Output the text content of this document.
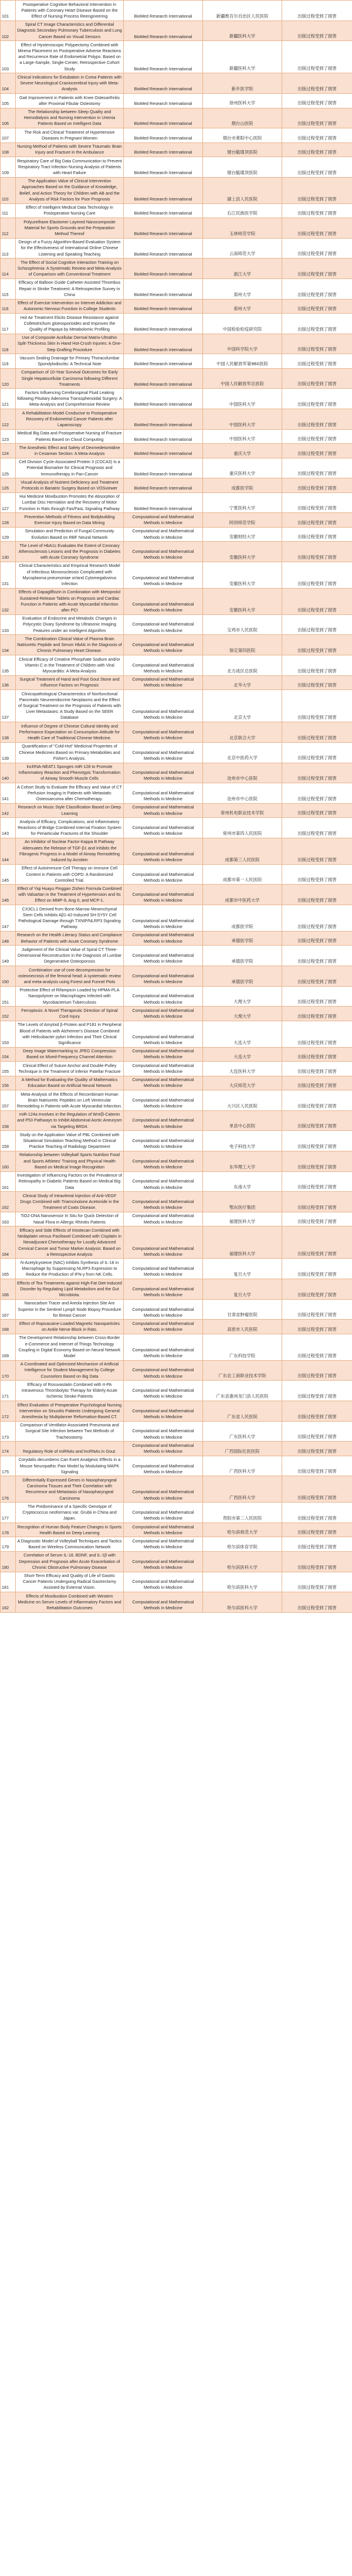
101	Postoperative Cognitive Behavioral Intervention in Patients with Coronary Heart Disease Based on the Effect of Nursing Process Reengineering	BioMed Research International	新疆维吾尔自治区人民医院	出版过程受到了损害
102	Spiral CT Image Characteristics and Differential Diagnosis Secondary Pulmonary Tuberculosis and Lung Cancer Based on Visual Sensors	BioMed Research International	新疆医科大学	出版过程受到了损害
103	Effect of Hysteroscopic Polypectomy Combined with Mirena Placement on Postoperative Adverse Reactions and Recurrence Rate of Endometrial Polyps: Based on a Large-Sample, Single-Center, Retrospective Cohort Study	BioMed Research International	新疆医科大学	出版过程受到了损害
104	Clinical Indications for Extubation in Coma Patients with Severe Neurological Craniocerebral Injury with Meta-Analysis	BioMed Research International	新乡医学院	出版过程受到了损害
105	Gait Improvement in Patients with Knee Osteoarthritis after Proximal Fibular Osteotomy	BioMed Research International	徐州医科大学	出版过程受到了损害
106	The Relationship between Sleep Quality and Hemodialysis and Nursing Intervention in Uremia Patients Based on Intelligent Data	BioMed Research International	烟台山医院	出版过程受到了损害
107	The Risk and Clinical Treatment of Hypertensive Diseases in Pregnant Women	BioMed Research International	烟台市莱阳中心医院	出版过程受到了损害
108	Nursing Method of Patients with Severe Traumatic Brain Injury and Fracture in the Ambulance	BioMed Research International	烟台毓璜顶医院	出版过程受到了损害
109	Respiratory Care of Big Data Communication to Prevent Respiratory Tract Infection Nursing Analysis of Patients with Heart Failure	BioMed Research International	烟台毓璜顶医院	出版过程受到了损害
110	The Application Value of Clinical Intervention Approaches Based on the Guidance of Knowledge, Belief, and Action Theory for Children with AB and the Analysis of Risk Factors for Poor Prognosis	BioMed Research International	颍上县人民医院	出版过程受到了损害
111	Effect of Intelligent Medical Data Technology in Postoperative Nursing Care	BioMed Research International	右江民族医学院	出版过程受到了损害
112	Polyurethane Elastomer Layered Nanocomposite Material for Sports Grounds and the Preparation Method Thereof	BioMed Research International	玉林师范学院	出版过程受到了损害
113	Design of a Fuzzy Algorithm-Based Evaluation System for the Effectiveness of International Online Chinese Listening and Speaking Teaching	BioMed Research International	云南师范大学	出版过程受到了损害
114	The Effect of Social Cognitive Interaction Training on Schizophrenia: A Systematic Review and Meta-Analysis of Comparison with Conventional Treatment	BioMed Research International	浙江大学	出版过程受到了损害
115	Efficacy of Balloon Guide Catheter-Assisted Thrombus Repair in Stroke Treatment: A Retrospective Survey in China	BioMed Research International	郑州大学	出版过程受到了损害
116	Effect of Exercise Intervention on Internet Addiction and Autonomic Nervous Function in College Students	BioMed Research International	郑州大学	出版过程受到了损害
117	Hot Air Treatment Elicits Disease Resistance against Colletotrichum gloeosporioides and Improves the Quality of Papaya by Metabolomic Profiling	BioMed Research International	中国检验检疫研究院	出版过程受到了损害
118	Use of Composite Acellular Dermal Matrix-Ultrathin Split-Thickness Skin in Hand Hot-Crush Injuries: A One-Step Grafting Procedure	BioMed Research International	中国科学院大学	出版过程受到了损害
119	Vacuum Sealing Drainage for Primary Thoracolumbar Spondylodiscitis: A Technical Note	BioMed Research International	中国人民解放军第960医院	出版过程受到了损害
120	Comparison of 10-Year Survival Outcomes for Early Single Hepatocellular Carcinoma following Different Treatments	BioMed Research International	中国人民解放军总医院	出版过程受到了损害
121	Factors Influencing Cerebrospinal Fluid Leaking following Pituitary Adenoma Transsphenoidal Surgery: A Meta-Analysis and Comprehensive Review	BioMed Research International	中国医科大学	出版过程受到了损害
122	A Rehabilitation Model Conducive to Postoperative Recovery of Endometrial Cancer Patients after Laparoscopy	BioMed Research International	中国医科大学	出版过程受到了损害
123	Medical Big Data and Postoperative Nursing of Fracture Patients Based on Cloud Computing	BioMed Research International	中国医科大学	出版过程受到了损害
124	The Anesthetic Effect and Safety of Dexmedetomidine in Cesarean Section: A Meta-Analysis	BioMed Research International	重庆大学	出版过程受到了损害
125	Cell Division Cycle-Associated Protein 3 (CDCA3) Is a Potential Biomarker for Clinical Prognosis and Immunotherapy in Pan-Cancer	BioMed Research International	重庆医科大学	出版过程受到了损害
126	Visual Analysis of Nutrient Deficiency and Treatment Protocols in Bariatric Surgery Based on VOSviewer	BioMed Research International	成都医学院	出版过程受到了损害
127	Hui Medicine Moxibustion Promotes the Absorption of Lumbar Disc Herniation and the Recovery of Motor Function in Rats through Fas/FasL Signaling Pathway	BioMed Research International	宁夏医科大学	出版过程受到了损害
128	Prevention Methods of Fitness and Bodybuilding Exercise Injury Based on Data Mining	Computational and Mathematical Methods in Medicine	阿坝师范学院	出版过程受到了损害
129	Simulation and Prediction of Fungal Community Evolution Based on RBF Neural Network	Computational and Mathematical Methods in Medicine	安徽财经大学	出版过程受到了损害
130	The Level of HbA1c Evaluates the Extent of Coronary Atherosclerosis Lesions and the Prognosis in Diabetes with Acute Coronary Syndrome	Computational and Mathematical Methods in Medicine	安徽医科大学	出版过程受到了损害
131	Clinical Characteristics and Empirical Research Model of Infectious Mononucleosis Complicated with Mycoplasma pneumoniae or/and Cytomegalovirus Infection	Computational and Mathematical Methods in Medicine	安徽医科大学	出版过程受到了损害
132	Effects of Dapagliflozin in Combination with Metoprolol Sustained-Release Tablets on Prognosis and Cardiac Function in Patients with Acute Myocardial Infarction after PCI	Computational and Mathematical Methods in Medicine	安徽医科大学	出版过程受到了损害
133	Evaluation of Endocrine and Metabolic Changes in Polycystic Ovary Syndrome by Ultrasonic Imaging Features under an Intelligent Algorithm	Computational and Mathematical Methods in Medicine	宝鸡市人民医院	出版过程受到了损害
134	The Combination Clinical Value of Plasma Brain Natriuretic Peptide and Serum HbAlc in the Diagnosis of Chronic Pulmonary Heart Disease.	Computational and Mathematical Methods in Medicine	保定第四医院	出版过程受到了损害
135	Clinical Efficacy of Creatine Phosphate Sodium and/or Vitamin C in the Treatment of Children with Viral Myocarditis: A Meta-Analysis	Computational and Mathematical Methods in Medicine	北方战区总医院	出版过程受到了损害
136	Surgical Treatment of Hand and Foot Gout Stone and Influence Factors on Prognosis	Computational and Mathematical Methods in Medicine	北华大学	出版过程受到了损害
137	Clinicopathological Characteristics of Nonfunctional Pancreatic Neuroendocrine Neoplasms and the Effect of Surgical Treatment on the Prognosis of Patients with Liver Metastases: A Study Based on the SEER Database	Computational and Mathematical Methods in Medicine	北京大学	出版过程受到了损害
138	Influence of Degree of Chinese Cultural Identity and Performance Expectation on Consumption Attitude for Health Care of Traditional Chinese Medicine.	Computational and Mathematical Methods in Medicine	北京联合大学	出版过程受到了损害
139	Quantification of "Cold-Hot" Medicinal Properties of Chinese Medicines Based on Primary Metabolites and Fisher's Analysis.	Computational and Mathematical Methods in Medicine	北京中医药大学	出版过程受到了损害
140	lncRNA-NEAT1 Sponges miR-128 to Promote Inflammatory Reaction and Phenotypic Transformation of Airway Smooth Muscle Cells	Computational and Mathematical Methods in Medicine	沧州市中心医院	出版过程受到了损害
141	A Cohort Study to Evaluate the Efficacy and Value of CT Perfusion Imaging in Patients with Metastatic Osteosarcoma after Chemotherapy.	Computational and Mathematical Methods in Medicine	沧州市中心医院	出版过程受到了损害
142	Research on Music Style Classification Based on Deep Learning	Computational and Mathematical Methods in Medicine	常州机电职业技术学院	出版过程受到了损害
143	Analysis of Efficacy, Complications, and Inflammatory Reactions of Bridge Combined Internal Fixation System for Periarticular Fractures of the Shoulder	Computational and Mathematical Methods in Medicine	常州市第四人民医院	出版过程受到了损害
144	An Inhibitor of Nuclear Factor-Kappa B Pathway Attenuates the Release of TGF-β1 and Inhibits the Fibrogenic Progress in a Model of Airway Remodeling Induced by Acrolein	Computational and Mathematical Methods in Medicine	成都第三人民医院	出版过程受到了损害
145	Effect of Autoimmune Cell Therapy on Immune Cell Content in Patients with COPD: A Randomized Controlled Trial.	Computational and Mathematical Methods in Medicine	成都市第一人民医院	出版过程受到了损害
146	Effect of Yiqi Huayu Pinggan Zishen Formula Combined with Valsartan in the Treatment of Hypertension and Its Effect on MMP-9, Ang II, and MCP-1.	Computational and Mathematical Methods in Medicine	成都市中医药大学	出版过程受到了损害
147	CX3CL1 Derived from Bone Marrow Mesenchymal Stem Cells Inhibits Aβ1-42-Induced SH-SY5Y Cell Pathological Damage through TXNIP/NLRP3 Signaling Pathway.	Computational and Mathematical Methods in Medicine	成都医学院	出版过程受到了损害
148	Research on the Health Literacy Status and Compliance Behavior of Patients with Acute Coronary Syndrome	Computational and Mathematical Methods in Medicine	承德医学院	出版过程受到了损害
149	Judgement of the Clinical Value of Spiral CT Three-Dimensional Reconstruction in the Diagnosis of Lumbar Degenerative Osteoporosis	Computational and Mathematical Methods in Medicine	承德医学院	出版过程受到了损害
150	Combination use of core decompression for osteonecrosis of the femoral head: A systematic review and meta-analysis using Forest and Funnel Plots	Computational and Mathematical Methods in Medicine	承德医学院	出版过程受到了损害
151	Protective Effect of Rifampicin Loaded by HPMA-PLA Nanopolymer on Macrophages Infected with Mycobacterium Tuberculosis	Computational and Mathematical Methods in Medicine	大理大学	出版过程受到了损害
152	Ferroptosis: A Novel Therapeutic Direction of Spinal Cord Injury	Computational and Mathematical Methods in Medicine	大理大学	出版过程受到了损害
153	The Levels of Amyloid β-Protein and P181 in Peripheral Blood of Patients with Alzheimer's Disease Combined with Helicobacter pylori Infection and Their Clinical Significance	Computational and Mathematical Methods in Medicine	大连大学	出版过程受到了损害
154	Deep Image Watermarking to JPEG Compression Based on Mixed-Frequency Channel Attention	Computational and Mathematical Methods in Medicine	大连大学	出版过程受到了损害
155	Clinical Effect of Suture Anchor and Double-Pulley Technique in the Treatment of Inferior Patellar Fracture	Computational and Mathematical Methods in Medicine	大连医科大学	出版过程受到了损害
156	A Method for Evaluating the Quality of Mathematics Education Based on Artificial Neural Network	Computational and Mathematical Methods in Medicine	大庆师范大学	出版过程受到了损害
157	Meta-Analysis of the Effects of Recombinant Human Brain Natriuretic Peptides on Left Ventricular Remodeling in Patients with Acute Myocardial Infarction.	Computational and Mathematical Methods in Medicine	大兴区人民医院	出版过程受到了损害
158	miR-124a Involves in the Regulation of Wnt/β-Catenin and P53 Pathways to Inhibit Abdominal Aortic Aneurysm via Targeting BRD4.	Computational and Mathematical Methods in Medicine	单县中心医院	出版过程受到了损害
159	Study on the Application Value of PBL Combined with Situational Simulation Teaching Method in Clinical Practice Teaching of Radiology Department	Computational and Mathematical Methods in Medicine	电子科技大学	出版过程受到了损害
160	Relationship between Volleyball Sports Nutrition Food and Sports Athletes' Training and Physical Health Based on Medical Image Recognition	Computational and Mathematical Methods in Medicine	东华理工大学	出版过程受到了损害
161	Investigation of Influencing Factors on the Prevalence of Retinopathy in Diabetic Patients Based on Medical Big Data	Computational and Mathematical Methods in Medicine	东南大学	出版过程受到了损害
162	Clinical Study of Intravitreal Injection of Anti-VEGF Drugs Combined with Triamcinolone Acetonide in the Treatment of Coats Disease.	Computational and Mathematical Methods in Medicine	鄂东医疗集团	出版过程受到了损害
163	TiO2-DNA Nanosensor In Situ for Quick Detection of Nasal Flora in Allergic Rhinitis Patients	Computational and Mathematical Methods in Medicine	福建医科大学	出版过程受到了损害
164	Efficacy and Side Effects of Irinotecan Combined with Nedaplatin versus Paclitaxel Combined with Cisplatin in Neoadjuvant Chemotherapy for Locally Advanced Cervical Cancer and Tumor Marker Analysis: Based on a Retrospective Analysis	Computational and Mathematical Methods in Medicine	福建医科大学	出版过程受到了损害
165	N-Acetylcysteine (NAC) Inhibits Synthesis of IL-18 in Macrophage by Suppressing NLRP3 Expression to Reduce the Production of IFN-γ from NK Cells.	Computational and Mathematical Methods in Medicine	复旦大学	出版过程受到了损害
166	Effects of Tea Treatments against High-Fat Diet-Induced Disorder by Regulating Lipid Metabolism and the Gut Microbiota.	Computational and Mathematical Methods in Medicine	复旦大学	出版过程受到了损害
167	Nanocarbon Tracer and Areola Injection Site Are Superior in the Sentinel Lymph Node Biopsy Procedure for Breast Cancer	Computational and Mathematical Methods in Medicine	甘肃省肿瘤医院	出版过程受到了损害
168	Effect of Ropivacaine-Loaded Magnetic Nanoparticles on Ankle Nerve Block in Rats.	Computational and Mathematical Methods in Medicine	高密市人民医院	出版过程受到了损害
169	The Development Relationship between Cross-Border e-Commerce and Internet of Things Technology Coupling in Digital Economy Based on Neural Network Model	Computational and Mathematical Methods in Medicine	广东科技学院	出版过程受到了损害
170	A Coordinated and Optimized Mechanism of Artificial Intelligence for Student Management by College Counselors Based on Big Data	Computational and Mathematical Methods in Medicine	广东农工商职业技术学院	出版过程受到了损害
171	Efficacy of Rosuvastatin Combined with rt-PA Intravenous Thrombolytic Therapy for Elderly Acute Ischemic Stroke Patients	Computational and Mathematical Methods in Medicine	广东省惠州龙门县人民医院	出版过程受到了损害
172	Effect Evaluation of Preoperative Psychological Nursing Intervention on Sinusitis Patients Undergoing General Anesthesia by Multiplanner Reformation-Based CT.	Computational and Mathematical Methods in Medicine	广东省人民医院	出版过程受到了损害
173	Comparison of Ventilator-Associated Pneumonia and Surgical Site Infection between Two Methods of Tracheostomy.	Computational and Mathematical Methods in Medicine	广东医科大学	出版过程受到了损害
174	Regulatory Role of miRNAs and lncRNAs in Gout.	Computational and Mathematical Methods in Medicine	广西国际壮医医院	出版过程受到了损害
175	Corydalis decumbens Can Exert Analgesic Effects in a Mouse Neuropathic Pain Model by Modulating MAPK Signaling	Computational and Mathematical Methods in Medicine	广西医科大学	出版过程受到了损害
176	Differentially Expressed Genes in Nasopharyngeal Carcinoma Tissues and Their Correlation with Recurrence and Metastasis of Nasopharyngeal Carcinoma	Computational and Mathematical Methods in Medicine	广西医科大学	出版过程受到了损害
177	The Predominance of a Specific Genotype of Cryptococcus neoformans var. Grubii in China and Japan.	Computational and Mathematical Methods in Medicine	贵阳市第二人民医院	出版过程受到了损害
178	Recognition of Human Body Feature Changes in Sports Health Based on Deep Learning	Computational and Mathematical Methods in Medicine	哈尔滨师范大学	出版过程受到了损害
179	A Diagnostic Model of Volleyball Techniques and Tactics Based on Wireless Communication Network	Computational and Mathematical Methods in Medicine	哈尔滨体育学院	出版过程受到了损害
180	Correlation of Serum IL-18, BDNF, and IL-1β with Depression and Prognosis after Acute Exacerbation of Chronic Obstructive Pulmonary Disease	Computational and Mathematical Methods in Medicine	哈尔滨医科大学	出版过程受到了损害
181	Short-Term Efficacy and Quality of Life of Gastric Cancer Patients Undergoing Radical Gastrectomy Assisted by External Vision.	Computational and Mathematical Methods in Medicine	哈尔滨医科大学	出版过程受到了损害
182	Effects of Moxibustion Combined with Western Medicine on Serum Levels of Inflammatory Factors and Rehabilitation Outcomes	Computational and Mathematical Methods in Medicine	哈尔滨医科大学	出版过程受到了损害
